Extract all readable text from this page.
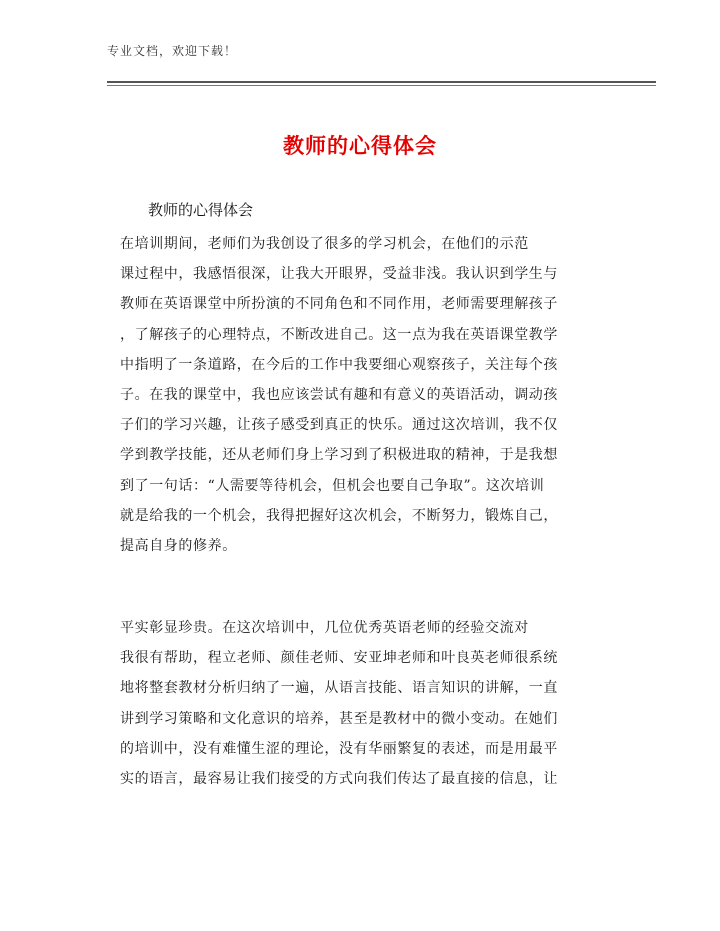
专业文档，欢迎下载！
教师的心得体会
教师的心得体会

在培训期间，老师们为我创设了很多的学习机会，在他们的示范
课过程中，我感悟很深，让我大开眼界，受益非浅。我认识到学生与
教师在英语课堂中所扮演的不同角色和不同作用，老师需要理解孩子
，了解孩子的心理特点，不断改进自己。这一点为我在英语课堂教学
中指明了一条道路，在今后的工作中我要细心观察孩子，关注每个孩
子。在我的课堂中，我也应该尝试有趣和有意义的英语活动，调动孩
子们的学习兴趣，让孩子感受到真正的快乐。通过这次培训，我不仅
学到教学技能，还从老师们身上学习到了积极进取的精神，于是我想
到了一句话：“人需要等待机会，但机会也要自己争取”。这次培训
就是给我的一个机会，我得把握好这次机会，不断努力，锻炼自己，
提高自身的修养。

平实彰显珍贵。在这次培训中，几位优秀英语老师的经验交流对
我很有帮助，程立老师、颜佳老师、安亚坤老师和叶良英老师很系统
地将整套教材分析归纳了一遍，从语言技能、语言知识的讲解，一直
讲到学习策略和文化意识的培养，甚至是教材中的微小变动。在她们
的培训中，没有难懂生涩的理论，没有华丽繁复的表述，而是用最平
实的语言，最容易让我们接受的方式向我们传达了最直接的信息，让
